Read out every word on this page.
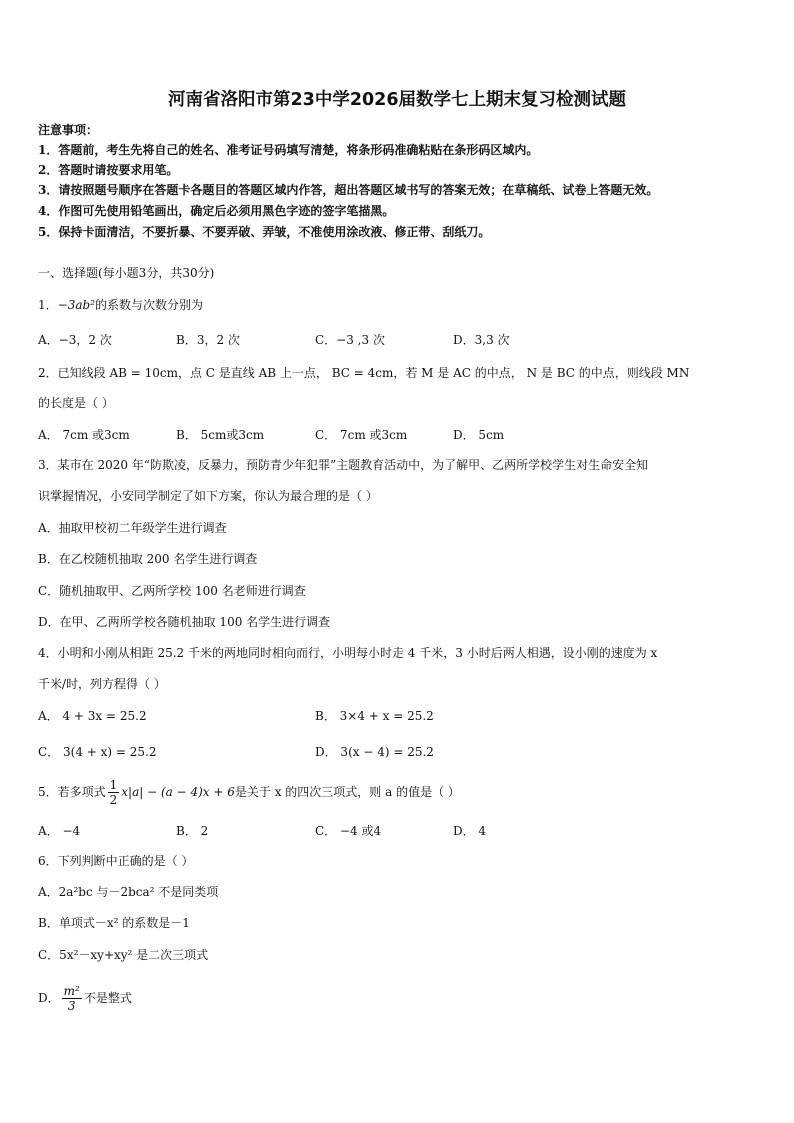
河南省洛阳市第23中学2026届数学七上期末复习检测试题
注意事项：
1．答题前，考生先将自己的姓名、准考证号码填写清楚，将条形码准确粘贴在条形码区域内。
2．答题时请按要求用笔。
3．请按照题号顺序在答题卡各题目的答题区域内作答，超出答题区域书写的答案无效；在草稿纸、试卷上答题无效。
4．作图可先使用铅笔画出，确定后必须用黑色字迹的签字笔描黑。
5．保持卡面清洁，不要折暴、不要弄破、弄皱，不准使用涂改液、修正带、刮纸刀。
一、选择题(每小题3分，共30分)
1．−3ab²的系数与次数分别为
A．−3，2 次	B．3，2 次	C．−3 ,3 次	D．3,3 次
2．已知线段 AB = 10cm，点 C 是直线 AB 上一点， BC = 4cm，若 M 是 AC 的中点， N 是 BC 的中点，则线段 MN
的长度是（ ）
A． 7cm 或3cm	B． 5cm或3cm	C． 7cm 或3cm	D． 5cm
3．某市在 2020 年“防欺凌，反暴力，预防青少年犯罪”主题教育活动中，为了解甲、乙两所学校学生对生命安全知
识掌握情况，小安同学制定了如下方案，你认为最合理的是（ ）
A．抽取甲校初二年级学生进行调查
B．在乙校随机抽取 200 名学生进行调查
C．随机抽取甲、乙两所学校 100 名老师进行调查
D．在甲、乙两所学校各随机抽取 100 名学生进行调查
4．小明和小刚从相距 25.2 千米的两地同时相向而行，小明每小时走 4 千米，3 小时后两人相遇，设小刚的速度为 x
千米/时，列方程得（ ）
A． 4 + 3x = 25.2	B． 3×4 + x = 25.2
C． 3(4 + x) = 25.2	D． 3(x − 4) = 25.2
5．若多项式 $\frac{1}{2} x|a| - (a - 4)x + 6$是关于 x 的四次三项式，则 a 的值是（ ）
A． −4	B． 2	C． −4 或4	D． 4
6．下列判断中正确的是（ ）
A．2a²bc 与－2bca² 不是同类项
B．单项式－x² 的系数是－1
C．5x²－xy+xy² 是二次三项式
D． $\frac{\text{m²}}{3}$ 不是整式
